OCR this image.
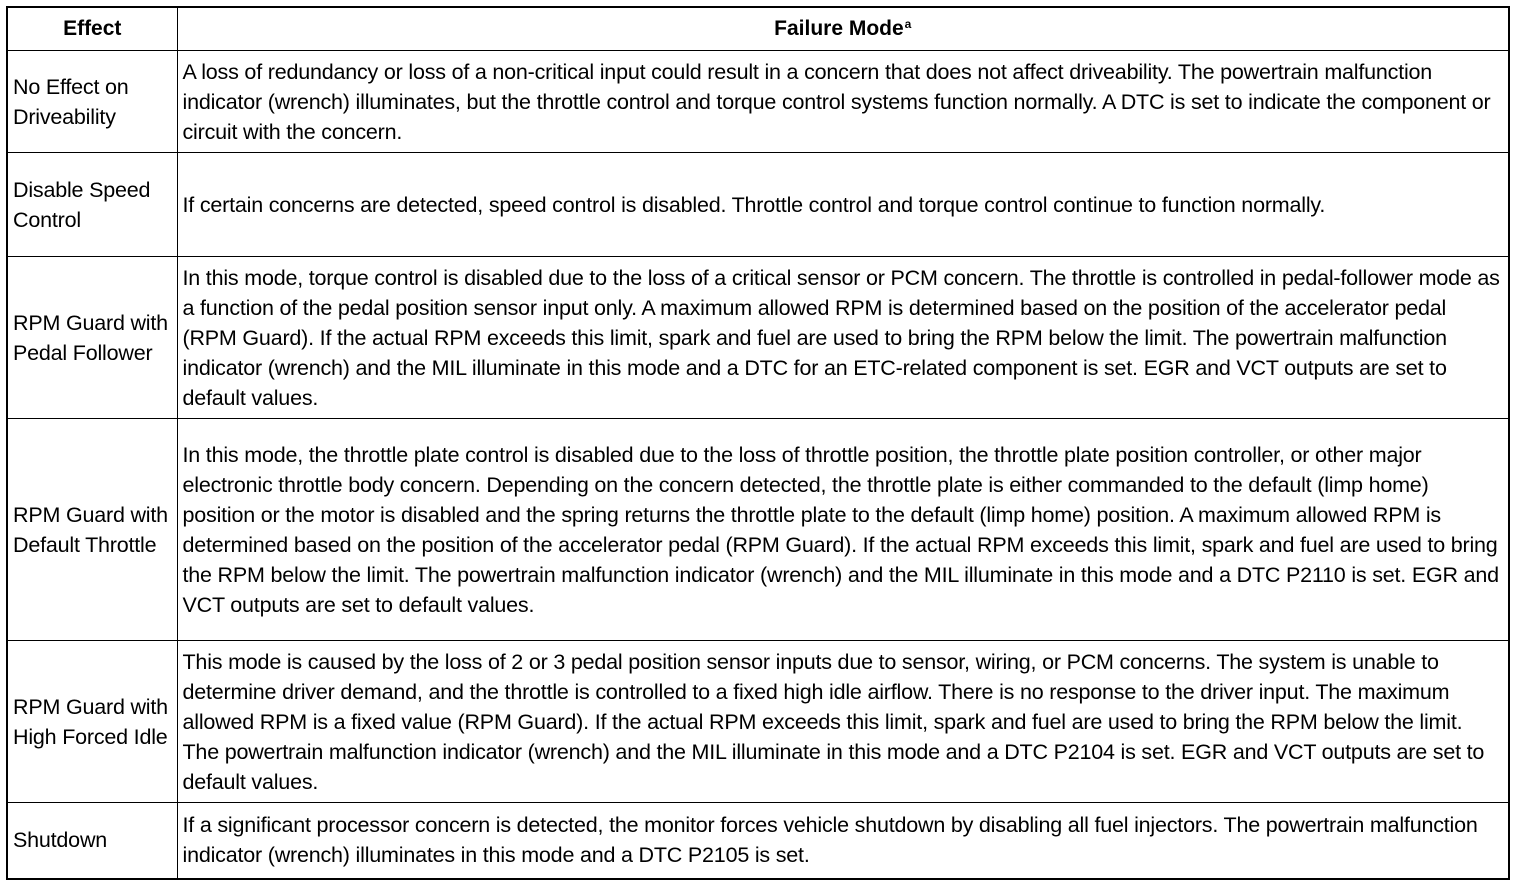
Effect	Failure Mode$^a$
No Effect on Driveability	A loss of redundancy or loss of a non-critical input could result in a concern that does not affect driveability. The powertrain malfunction indicator (wrench) illuminates, but the throttle control and torque control systems function normally. A DTC is set to indicate the component or circuit with the concern.
Disable Speed Control	If certain concerns are detected, speed control is disabled. Throttle control and torque control continue to function normally.
RPM Guard with Pedal Follower	In this mode, torque control is disabled due to the loss of a critical sensor or PCM concern. The throttle is controlled in pedal-follower mode as a function of the pedal position sensor input only. A maximum allowed RPM is determined based on the position of the accelerator pedal (RPM Guard). If the actual RPM exceeds this limit, spark and fuel are used to bring the RPM below the limit. The powertrain malfunction indicator (wrench) and the MIL illuminate in this mode and a DTC for an ETC-related component is set. EGR and VCT outputs are set to default values.
RPM Guard with Default Throttle	In this mode, the throttle plate control is disabled due to the loss of throttle position, the throttle plate position controller, or other major electronic throttle body concern. Depending on the concern detected, the throttle plate is either commanded to the default (limp home) position or the motor is disabled and the spring returns the throttle plate to the default (limp home) position. A maximum allowed RPM is determined based on the position of the accelerator pedal (RPM Guard). If the actual RPM exceeds this limit, spark and fuel are used to bring the RPM below the limit. The powertrain malfunction indicator (wrench) and the MIL illuminate in this mode and a DTC P2110 is set. EGR and VCT outputs are set to default values.
RPM Guard with High Forced Idle	This mode is caused by the loss of 2 or 3 pedal position sensor inputs due to sensor, wiring, or PCM concerns. The system is unable to determine driver demand, and the throttle is controlled to a fixed high idle airflow. There is no response to the driver input. The maximum allowed RPM is a fixed value (RPM Guard). If the actual RPM exceeds this limit, spark and fuel are used to bring the RPM below the limit. The powertrain malfunction indicator (wrench) and the MIL illuminate in this mode and a DTC P2104 is set. EGR and VCT outputs are set to default values.
Shutdown	If a significant processor concern is detected, the monitor forces vehicle shutdown by disabling all fuel injectors. The powertrain malfunction indicator (wrench) illuminates in this mode and a DTC P2105 is set.
